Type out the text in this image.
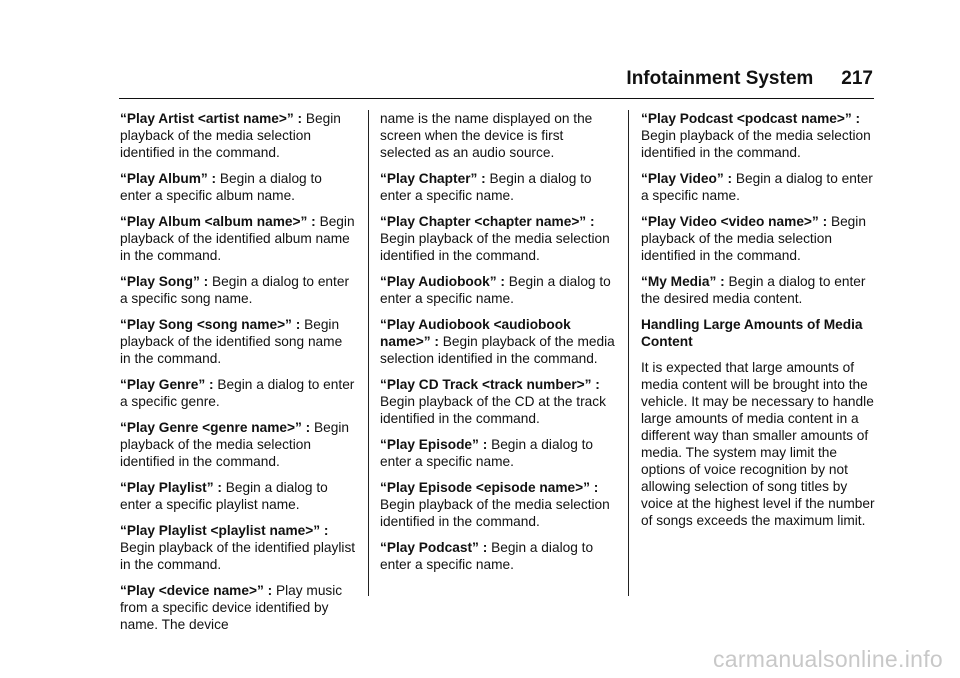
Infotainment System 217
“Play Artist <artist name>” : Begin playback of the media selection identified in the command.
“Play Album” : Begin a dialog to enter a specific album name.
“Play Album <album name>” : Begin playback of the identified album name in the command.
“Play Song” : Begin a dialog to enter a specific song name.
“Play Song <song name>” : Begin playback of the identified song name in the command.
“Play Genre” : Begin a dialog to enter a specific genre.
“Play Genre <genre name>” : Begin playback of the media selection identified in the command.
“Play Playlist” : Begin a dialog to enter a specific playlist name.
“Play Playlist <playlist name>” : Begin playback of the identified playlist in the command.
“Play <device name>” : Play music from a specific device identified by name. The device
name is the name displayed on the screen when the device is first selected as an audio source.
“Play Chapter” : Begin a dialog to enter a specific name.
“Play Chapter <chapter name>” : Begin playback of the media selection identified in the command.
“Play Audiobook” : Begin a dialog to enter a specific name.
“Play Audiobook <audiobook name>” : Begin playback of the media selection identified in the command.
“Play CD Track <track number>” : Begin playback of the CD at the track identified in the command.
“Play Episode” : Begin a dialog to enter a specific name.
“Play Episode <episode name>” : Begin playback of the media selection identified in the command.
“Play Podcast” : Begin a dialog to enter a specific name.
“Play Podcast <podcast name>” : Begin playback of the media selection identified in the command.
“Play Video” : Begin a dialog to enter a specific name.
“Play Video <video name>” : Begin playback of the media selection identified in the command.
“My Media” : Begin a dialog to enter the desired media content.
Handling Large Amounts of Media Content
It is expected that large amounts of media content will be brought into the vehicle. It may be necessary to handle large amounts of media content in a different way than smaller amounts of media. The system may limit the options of voice recognition by not allowing selection of song titles by voice at the highest level if the number of songs exceeds the maximum limit.
carmanualsonline.info
